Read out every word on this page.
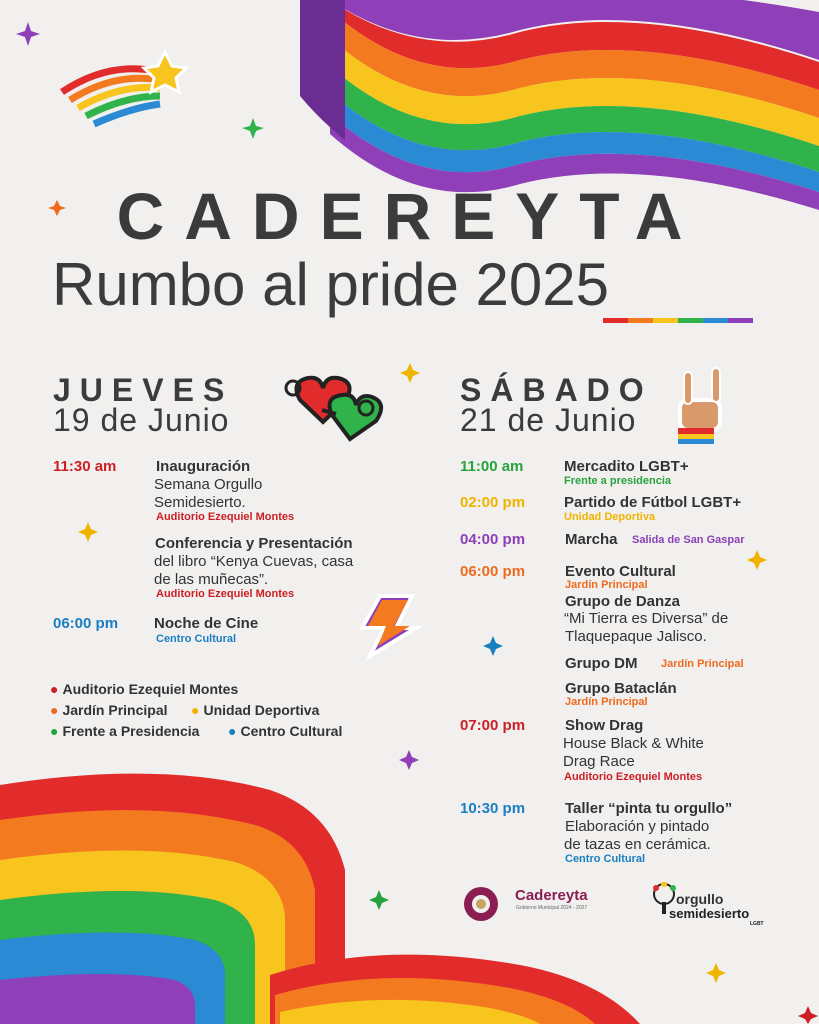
CADEREYTA
Rumbo al pride 2025
JUEVES
19 de Junio
11:30 am	Inauguración
Semana Orgullo
Semidesierto.
Auditorio Ezequiel Montes
Conferencia y Presentación
del libro “Kenya Cuevas, casa
de las muñecas”.
Auditorio Ezequiel Montes
06:00 pm Noche de Cine
Centro Cultural
● Auditorio Ezequiel Montes
● Jardín Principal ● Unidad Deportiva
● Frente a Presidencia ● Centro Cultural
SÁBADO
21 de Junio
11:00 am	Mercadito LGBT+
Frente a presidencia
02:00 pm	Partido de Fútbol LGBT+
Unidad Deportiva
04:00 pm	Marcha Salida de San Gaspar
06:00 pm	Evento Cultural
Jardín Principal
Grupo de Danza
“Mi Tierra es Diversa” de
Tlaquepaque Jalisco.
Grupo DM Jardín Principal
Grupo Bataclán
Jardín Principal
07:00 pm	Show Drag
House Black & White
Drag Race
Auditorio Ezequiel Montes
10:30 pm	Taller “pinta tu orgullo”
Elaboración y pintado
de tazas en cerámica.
Centro Cultural
Cadereyta
Gobierno Municipal 2024 - 2027
orgullo
semidesierto
LGBT
